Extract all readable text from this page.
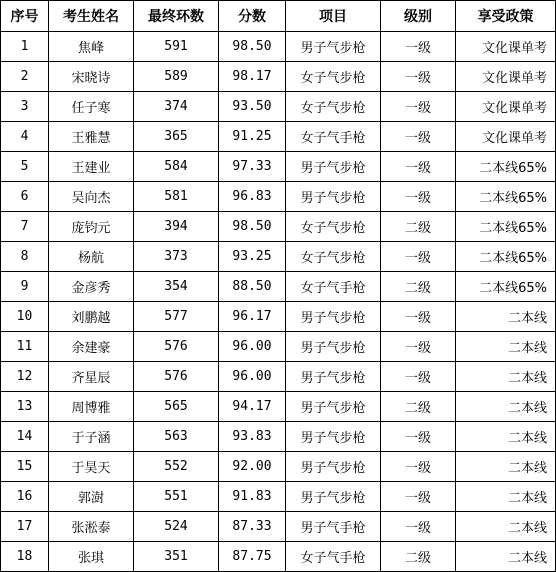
序号	考生姓名	最终环数	分数	项目	级别	享受政策
1	焦峰	591	98.50	男子气步枪	一级	文化课单考
2	宋晓诗	589	98.17	女子气步枪	一级	文化课单考
3	任子寒	374	93.50	女子气步枪	一级	文化课单考
4	王雅慧	365	91.25	女子气手枪	一级	文化课单考
5	王建业	584	97.33	男子气步枪	一级	二本线65%
6	吴向杰	581	96.83	男子气步枪	一级	二本线65%
7	庞钧元	394	98.50	女子气步枪	二级	二本线65%
8	杨航	373	93.25	女子气步枪	一级	二本线65%
9	金彦秀	354	88.50	女子气手枪	二级	二本线65%
10	刘鹏越	577	96.17	男子气步枪	一级	二本线
11	余建豪	576	96.00	男子气步枪	一级	二本线
12	齐星辰	576	96.00	男子气步枪	一级	二本线
13	周博雅	565	94.17	男子气步枪	二级	二本线
14	于子涵	563	93.83	男子气步枪	一级	二本线
15	于昊天	552	92.00	男子气步枪	一级	二本线
16	郭澍	551	91.83	男子气步枪	一级	二本线
17	张淞泰	524	87.33	男子气手枪	一级	二本线
18	张琪	351	87.75	女子气手枪	二级	二本线
